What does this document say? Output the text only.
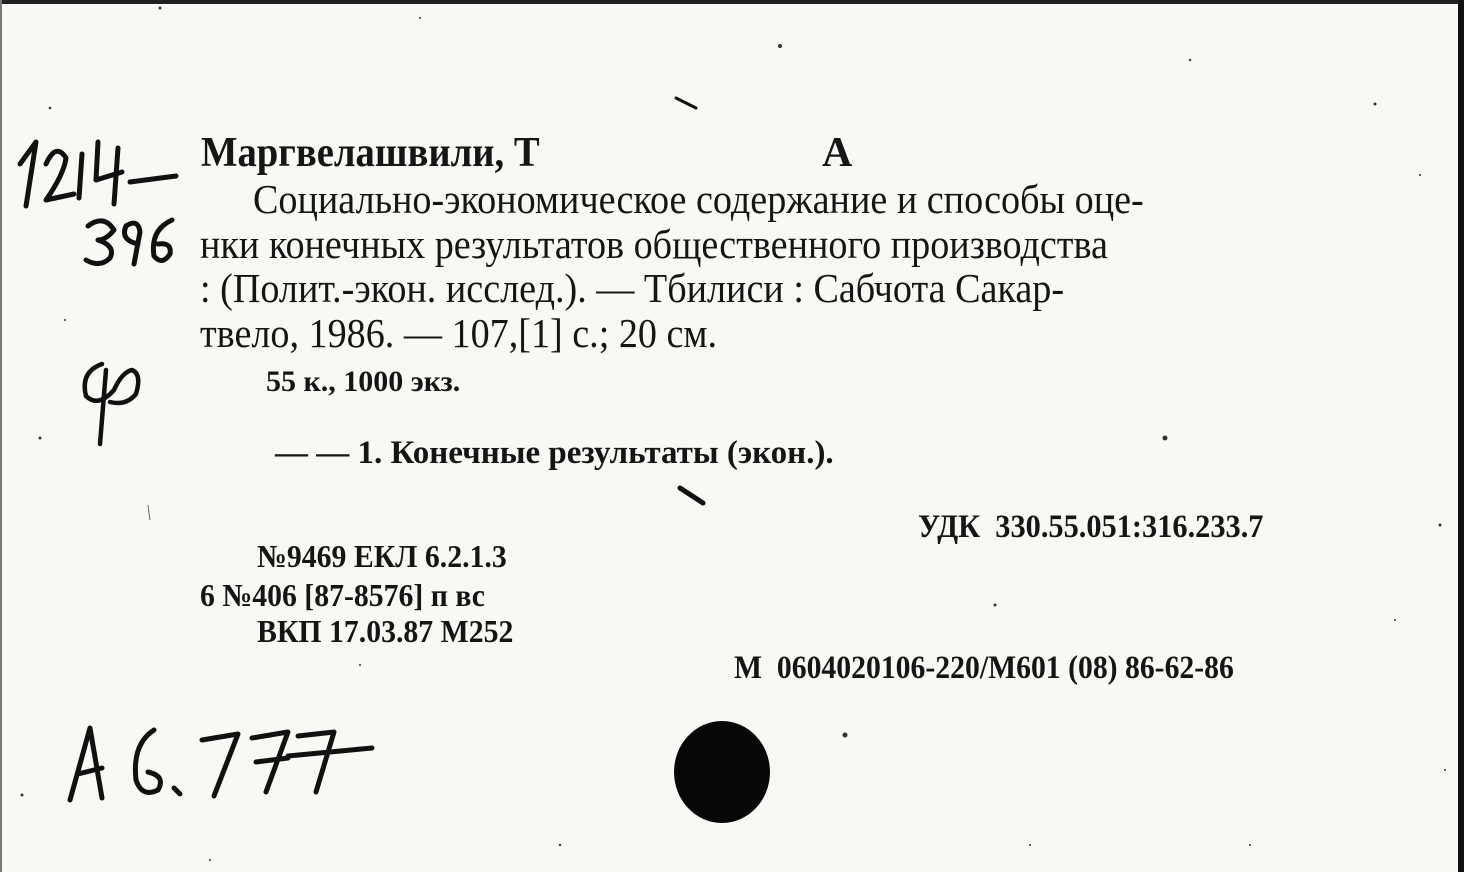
Маргвелашвили, Т	А
Социально-экономическое содержание и способы оце-
нки конечных результатов общественного производства
: (Полит.-экон. исслед.). — Тбилиси : Сабчота Сакар-
твело, 1986. — 107,[1] с.; 20 см.
55 к., 1000 экз.
— — 1. Конечные результаты (экон.).
УДК  330.55.051:316.233.7
№9469 ЕКЛ 6.2.1.3
6 №406 [87-8576] п вс
ВКП 17.03.87 М252
М  0604020106-220/М601 (08) 86-62-86
